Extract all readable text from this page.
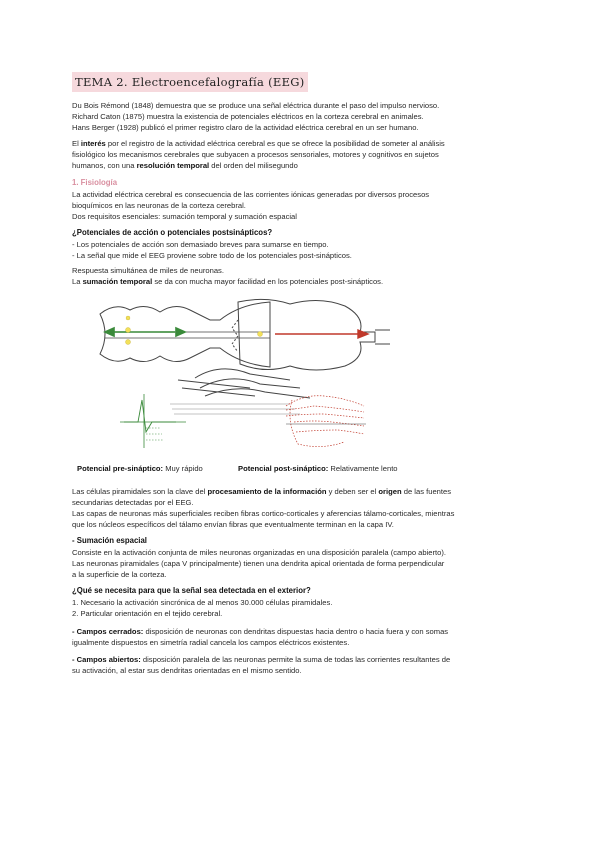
TEMA 2. Electroencefalografía (EEG)

Du Bois Rémond (1848) demuestra que se produce una señal eléctrica durante el paso del impulso nervioso.
Richard Caton (1875) muestra la existencia de potenciales eléctricos en la corteza cerebral en animales.
Hans Berger (1928) publicó el primer registro claro de la actividad eléctrica cerebral en un ser humano.

El interés por el registro de la actividad eléctrica cerebral es que se ofrece la posibilidad de someter al análisis
fisiológico los mecanismos cerebrales que subyacen a procesos sensoriales, motores y cognitivos en sujetos
humanos, con una resolución temporal del orden del milisegundo

1. Fisiología

La actividad eléctrica cerebral es consecuencia de las corrientes iónicas generadas por diversos procesos
bioquímicos en las neuronas de la corteza cerebral.
Dos requisitos esenciales: sumación temporal y sumación espacial

¿Potenciales de acción o potenciales postsinápticos?

- Los potenciales de acción son demasiado breves para sumarse en tiempo.
- La señal que mide el EEG proviene sobre todo de los potenciales post-sinápticos.

Respuesta simultánea de miles de neuronas.
La sumación temporal se da con mucha mayor facilidad en los potenciales post-sinápticos.

Potencial pre-sináptico: Muy rápido	Potencial post-sináptico: Relativamente lento

Las células piramidales son la clave del procesamiento de la información y deben ser el origen de las fuentes
secundarias detectadas por el EEG.
Las capas de neuronas más superficiales reciben fibras cortico-corticales y aferencias tálamo-corticales, mientras
que los núcleos específicos del tálamo envían fibras que eventualmente terminan en la capa IV.

- Sumación espacial

Consiste en la activación conjunta de miles neuronas organizadas en una disposición paralela (campo abierto).
Las neuronas piramidales (capa V principalmente) tienen una dendrita apical orientada de forma perpendicular
a la superficie de la corteza.

¿Qué se necesita para que la señal sea detectada en el exterior?

1. Necesario la activación sincrónica de al menos 30.000 células piramidales.
2. Particular orientación en el tejido cerebral.

- Campos cerrados: disposición de neuronas con dendritas dispuestas hacia dentro o hacia fuera y con somas
igualmente dispuestos en simetría radial cancela los campos eléctricos existentes.

- Campos abiertos: disposición paralela de las neuronas permite la suma de todas las corrientes resultantes de
su activación, al estar sus dendritas orientadas en el mismo sentido.
